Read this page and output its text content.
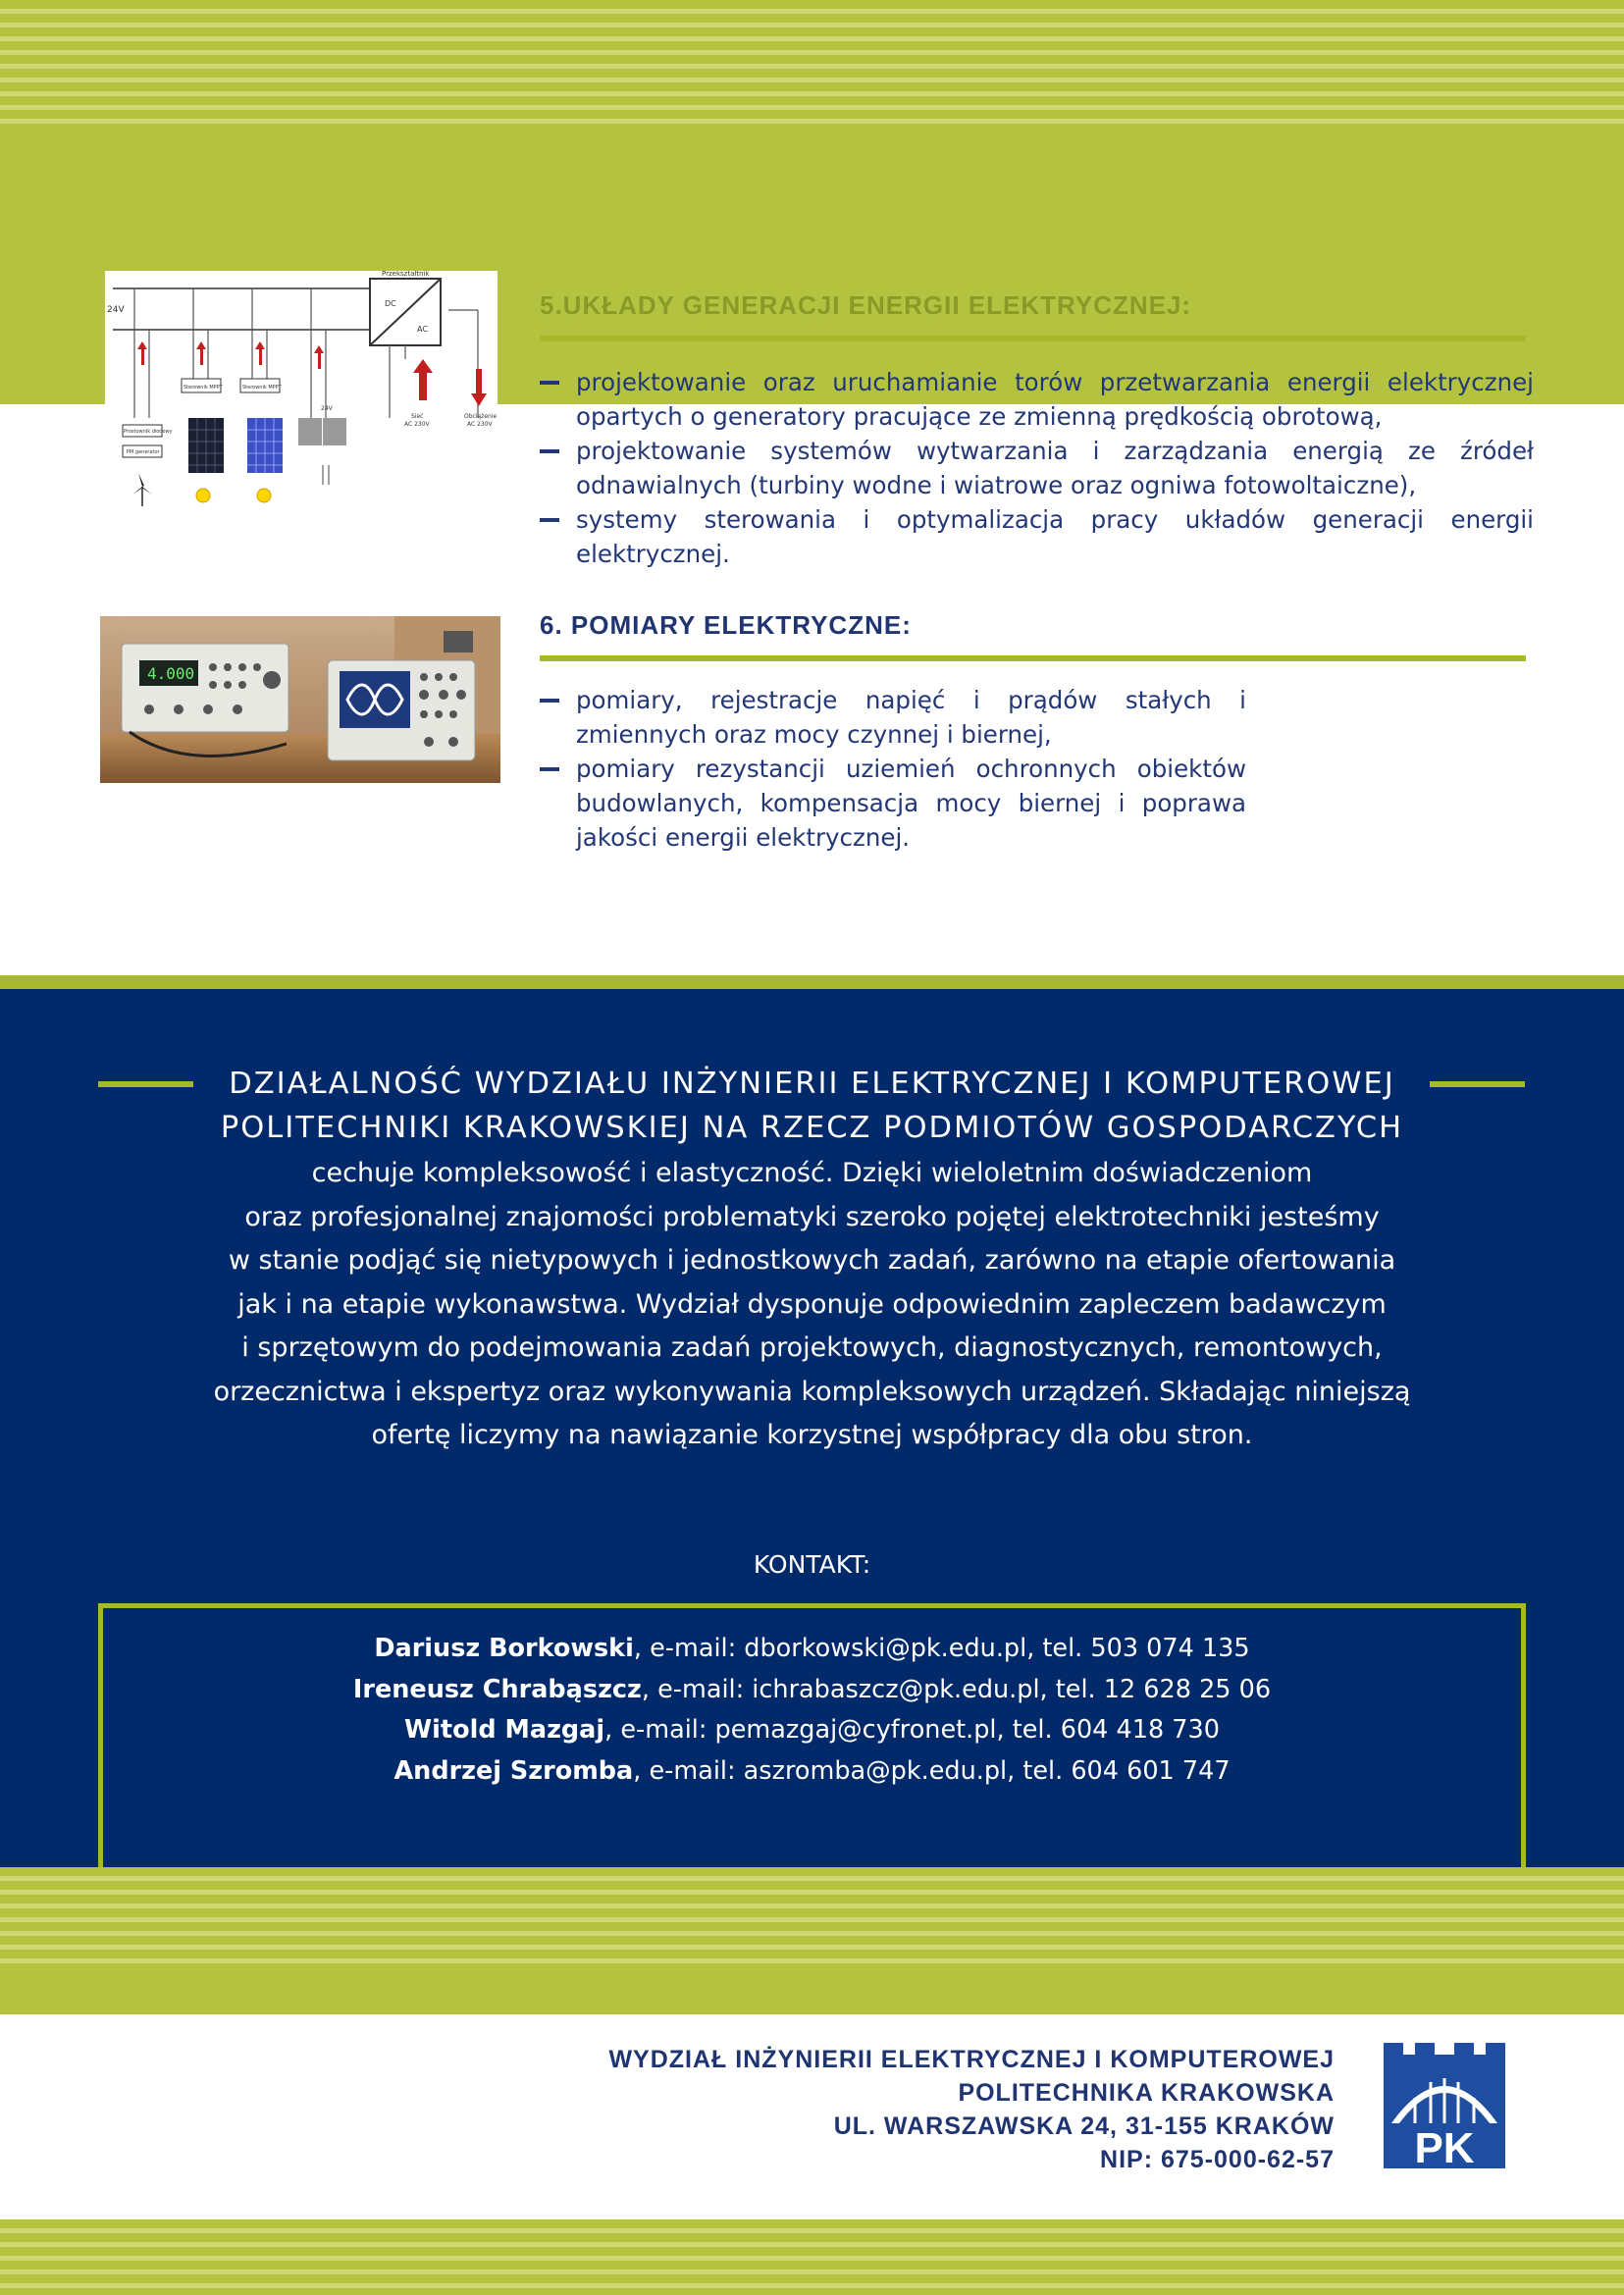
24V
DC
AC
Przekształtnik
Sterownik MPPT	Sterownik MPPT
Prostownik diodowy
PM generator
24V
Sieć
AC 230V
Obciążenie
AC 230V
5.UKŁADY GENERACJI ENERGII ELEKTRYCZNEJ:
projektowanie oraz uruchamianie torów przetwarzania energii elektrycznej opartych o generatory pracujące ze zmienną prędkością obrotową,
projektowanie systemów wytwarzania i zarządzania energią ze źródeł odnawialnych (turbiny wodne i wiatrowe oraz ogniwa fotowoltaiczne),
systemy sterowania i optymalizacja pracy układów generacji energii elektrycznej.
4.000
6. POMIARY ELEKTRYCZNE:
pomiary, rejestracje napięć i prądów stałych i zmiennych oraz mocy czynnej i biernej,
pomiary rezystancji uziemień ochronnych obiektów budowlanych, kompensacja mocy biernej i poprawa jakości energii elektrycznej.
DZIAŁALNOŚĆ WYDZIAŁU INŻYNIERII ELEKTRYCZNEJ I KOMPUTEROWEJ
POLITECHNIKI KRAKOWSKIEJ NA RZECZ PODMIOTÓW GOSPODARCZYCH
cechuje kompleksowość i elastyczność. Dzięki wieloletnim doświadczeniom
oraz profesjonalnej znajomości problematyki szeroko pojętej elektrotechniki jesteśmy
w stanie podjąć się nietypowych i jednostkowych zadań, zarówno na etapie ofertowania
jak i na etapie wykonawstwa. Wydział dysponuje odpowiednim zapleczem badawczym
i sprzętowym do podejmowania zadań projektowych, diagnostycznych, remontowych,
orzecznictwa i ekspertyz oraz wykonywania kompleksowych urządzeń. Składając niniejszą
ofertę liczymy na nawiązanie korzystnej współpracy dla obu stron.
KONTAKT:
Dariusz Borkowski, e-mail: dborkowski@pk.edu.pl, tel. 503 074 135
Ireneusz Chrabąszcz, e-mail: ichrabaszcz@pk.edu.pl, tel. 12 628 25 06
Witold Mazgaj, e-mail: pemazgaj@cyfronet.pl, tel. 604 418 730
Andrzej Szromba, e-mail: aszromba@pk.edu.pl, tel. 604 601 747
WYDZIAŁ INŻYNIERII ELEKTRYCZNEJ I KOMPUTEROWEJ
POLITECHNIKA KRAKOWSKA
UL. WARSZAWSKA 24, 31-155 KRAKÓW
NIP: 675-000-62-57 PK
